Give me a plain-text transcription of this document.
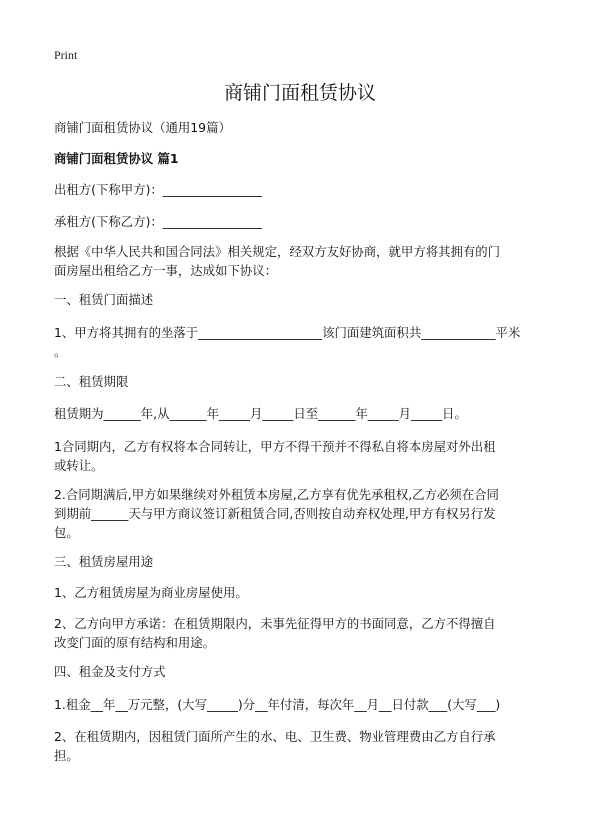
Print
商铺门面租赁协议
商铺门面租赁协议（通用19篇）
商铺门面租赁协议 篇1
出租方(下称甲方)：________________
承租方(下称乙方)：________________
根据《中华人民共和国合同法》相关规定，经双方友好协商，就甲方将其拥有的门
面房屋出租给乙方一事，达成如下协议：
一、租赁门面描述
1、甲方将其拥有的坐落于____________________该门面建筑面积共____________平米
。
二、租赁期限
租赁期为______年,从______年_____月_____日至______年_____月_____日。
1合同期内，乙方有权将本合同转让，甲方不得干预并不得私自将本房屋对外出租
或转让。
2.合同期满后,甲方如果继续对外租赁本房屋,乙方享有优先承租权,乙方必须在合同
到期前______天与甲方商议签订新租赁合同,否则按自动弃权处理,甲方有权另行发
包。
三、租赁房屋用途
1、乙方租赁房屋为商业房屋使用。
2、乙方向甲方承诺：在租赁期限内，未事先征得甲方的书面同意，乙方不得擅自
改变门面的原有结构和用途。
四、租金及支付方式
1.租金__年__万元整，(大写_____)分__年付清，每次年__月__日付款___(大写___)
2、在租赁期内，因租赁门面所产生的水、电、卫生费、物业管理费由乙方自行承
担。
